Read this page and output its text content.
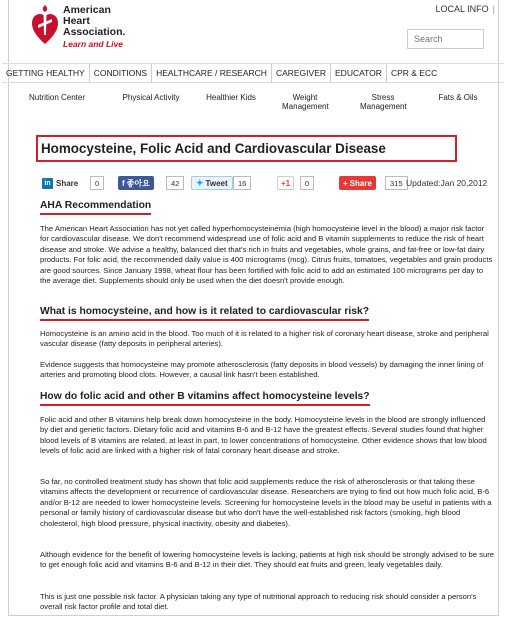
American
Heart
Association.
Learn and Live
LOCAL INFO |
Search
GETTING HEALTHY	CONDITIONS	HEALTHCARE / RESEARCH	CAREGIVER	EDUCATOR	CPR & ECC
Nutrition Center	Physical Activity	Healthier Kids	Weight Management
Stress Management
Fats & Oils
Homocysteine, Folic Acid and Cardiovascular Disease
in Share	0	f 좋아요	42	✦ Tweet	16	+1	0	+ Share	315 Updated:Jan 20,2012
AHA Recommendation
The American Heart Association has not yet called hyperhomocysteinemia (high homocysteine level in the blood) a major risk factor for cardiovascular disease. We don't recommend widespread use of folic acid and B vitamin supplements to reduce the risk of heart disease and stroke. We advise a healthy, balanced diet that's rich in fruits and vegetables, whole grains, and fat-free or low-fat dairy products. For folic acid, the recommended daily value is 400 micrograms (mcg). Citrus fruits, tomatoes, vegetables and grain products are good sources. Since January 1998, wheat flour has been fortified with folic acid to add an estimated 100 micrograms per day to the average diet. Supplements should only be used when the diet doesn't provide enough.
What is homocysteine, and how is it related to cardiovascular risk?
Homocysteine is an amino acid in the blood. Too much of it is related to a higher risk of coronary heart disease, stroke and peripheral vascular disease (fatty deposits in peripheral arteries).
Evidence suggests that homocysteine may promote atherosclerosis (fatty deposits in blood vessels) by damaging the inner lining of arteries and promoting blood clots. However, a causal link hasn't been established.
How do folic acid and other B vitamins affect homocysteine levels?
Folic acid and other B vitamins help break down homocysteine in the body. Homocysteine levels in the blood are strongly influenced by diet and genetic factors. Dietary folic acid and vitamins B-6 and B-12 have the greatest effects. Several studies found that higher blood levels of B vitamins are related, at least in part, to lower concentrations of homocysteine. Other evidence shows that low blood levels of folic acid are linked with a higher risk of fatal coronary heart disease and stroke.
So far, no controlled treatment study has shown that folic acid supplements reduce the risk of atherosclerosis or that taking these vitamins affects the development or recurrence of cardiovascular disease. Researchers are trying to find out how much folic acid, B-6 and/or B-12 are needed to lower homocysteine levels. Screening for homocysteine levels in the blood may be useful in patients with a personal or family history of cardiovascular disease but who don't have the well-established risk factors (smoking, high blood cholesterol, high blood pressure, physical inactivity, obesity and diabetes).
Although evidence for the benefit of lowering homocysteine levels is lacking, patients at high risk should be strongly advised to be sure to get enough folic acid and vitamins B-6 and B-12 in their diet. They should eat fruits and green, leafy vegetables daily.
This is just one possible risk factor. A physician taking any type of nutritional approach to reducing risk should consider a person's overall risk factor profile and total diet.
